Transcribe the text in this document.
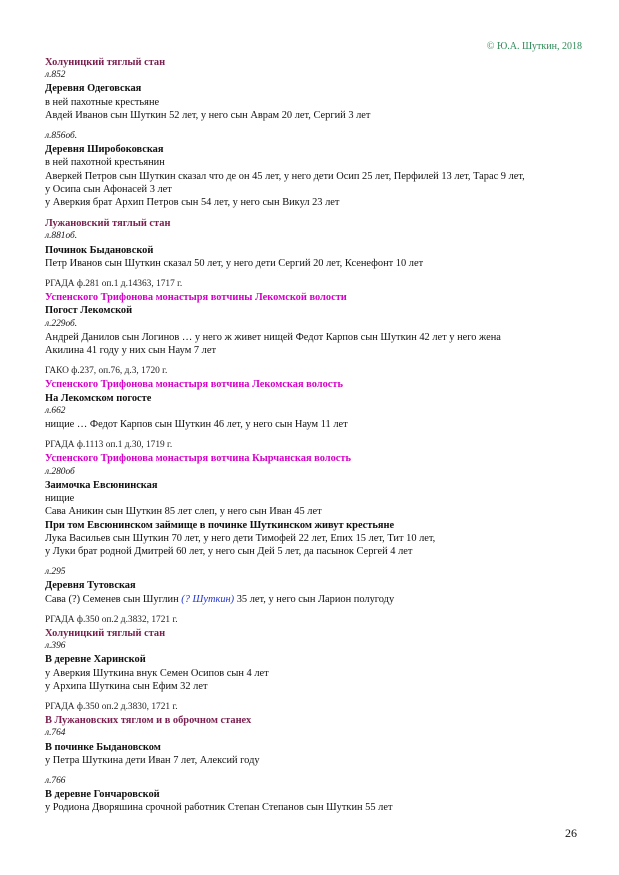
© Ю.А. Шуткин, 2018
Холуницкий тяглый стан
л.852
Деревня Одеговская
в ней пахотные крестьяне
Авдей Иванов сын Шуткин 52 лет, у него сын Аврам 20 лет, Сергий 3 лет
л.856об.
Деревня Широбоковская
в ней пахотной крестьянин
Аверкей Петров сын Шуткин сказал что де он 45 лет, у него дети Осип 25 лет, Перфилей 13 лет, Тарас 9 лет,
у Осипа сын Афонасей 3 лет
у Аверкия брат Архип Петров сын 54 лет, у него сын Викул 23 лет
Лужановский тяглый стан
л.881об.
Починок Быдановской
Петр Иванов сын Шуткин сказал 50 лет, у него дети Сергий 20 лет, Ксенефонт 10 лет
РГАДА ф.281 оп.1 д.14363, 1717 г.
Успенского Трифонова монастыря вотчины Лекомской волости
Погост Лекомской
л.229об.
Андрей Данилов сын Логинов … у него ж живет нищей Федот Карпов сын Шуткин 42 лет у него жена
Акилина 41 году у них сын Наум 7 лет
ГАКО ф.237, оп.76, д.3, 1720 г.
Успенского Трифонова монастыря вотчина Лекомская волость
На Лекомском погосте
л.662
нищие … Федот Карпов сын Шуткин 46 лет, у него сын Наум 11 лет
РГАДА ф.1113 оп.1 д.30, 1719 г.
Успенского Трифонова монастыря вотчина Кырчанская волость
л.280об
Заимочка Евсюнинская
нищие
Сава Аникин сын Шуткин 85 лет слеп, у него сын Иван 45 лет
При том Евсюнинском займище в починке Шуткинском живут крестьяне
Лука Васильев сын Шуткин 70 лет, у него дети Тимофей 22 лет, Епих 15 лет, Тит 10 лет,
у Луки брат родной Дмитрей 60 лет, у него сын Дей 5 лет, да пасынок Сергей 4 лет
л.295
Деревня Тутовская
Сава (?) Семенев сын Шуглин (? Шуткин) 35 лет, у него сын Ларион полугоду
РГАДА ф.350 оп.2 д.3832, 1721 г.
Холуницкий тяглый стан
л.396
В деревне Харинской
у Аверкия Шуткина внук Семен Осипов сын 4 лет
у Архипа Шуткина сын Ефим 32 лет
РГАДА ф.350 оп.2 д.3830, 1721 г.
В Лужановских тяглом и в оброчном станех
л.764
В починке Быдановском
у Петра Шуткина дети Иван 7 лет, Алексий году
л.766
В деревне Гончаровской
у Родиона Дворяшина срочной работник Степан Степанов сын Шуткин 55 лет
26
